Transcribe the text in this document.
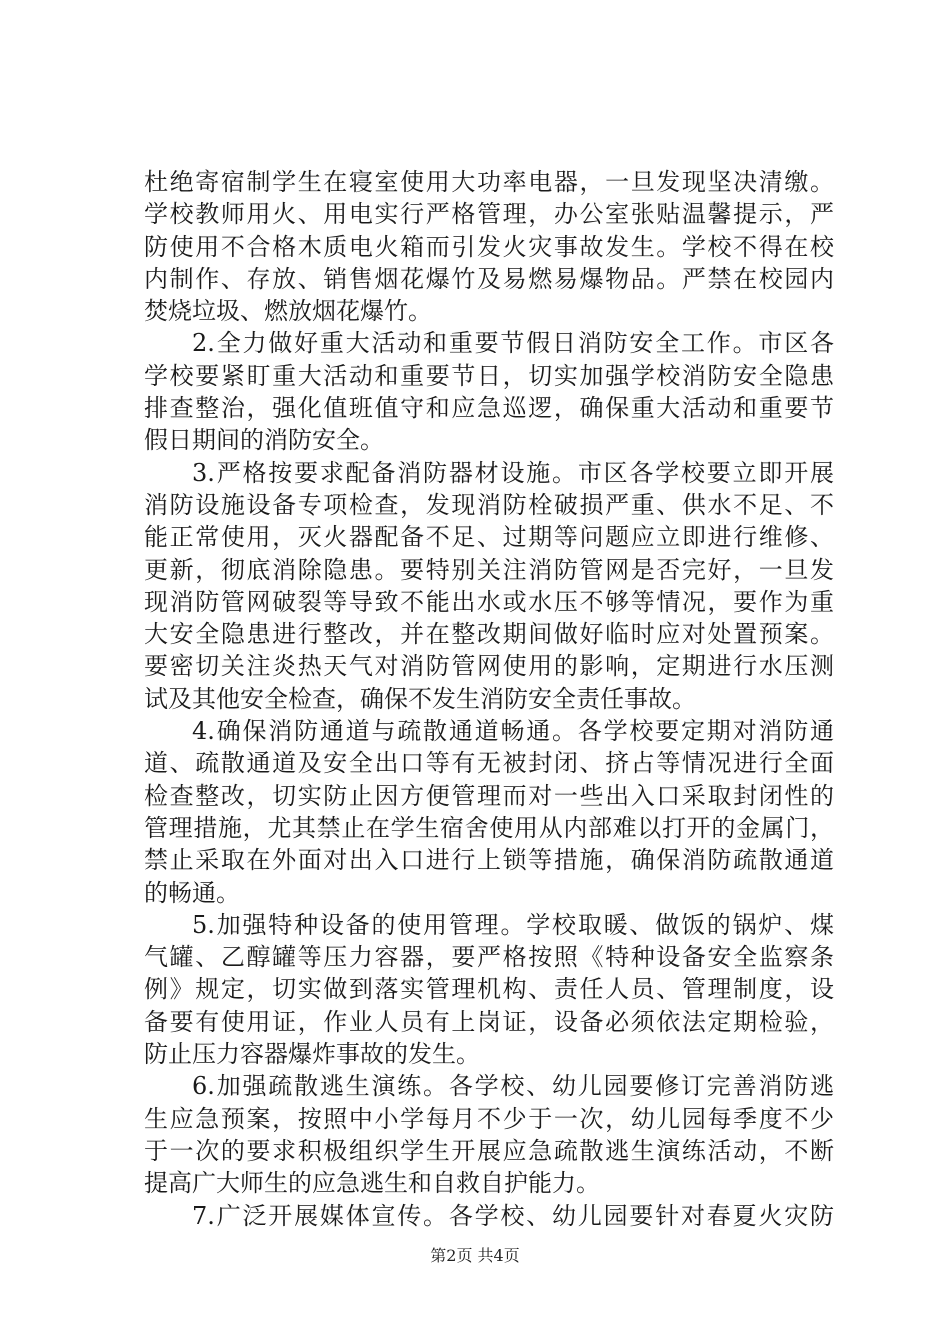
杜绝寄宿制学生在寝室使用大功率电器，一旦发现坚决清缴。
学校教师用火、用电实行严格管理，办公室张贴温馨提示，严
防使用不合格木质电火箱而引发火灾事故发生。学校不得在校
内制作、存放、销售烟花爆竹及易燃易爆物品。严禁在校园内
焚烧垃圾、燃放烟花爆竹。
2.全力做好重大活动和重要节假日消防安全工作。市区各
学校要紧盯重大活动和重要节日，切实加强学校消防安全隐患
排查整治，强化值班值守和应急巡逻，确保重大活动和重要节
假日期间的消防安全。
3.严格按要求配备消防器材设施。市区各学校要立即开展
消防设施设备专项检查，发现消防栓破损严重、供水不足、不
能正常使用，灭火器配备不足、过期等问题应立即进行维修、
更新，彻底消除隐患。要特别关注消防管网是否完好，一旦发
现消防管网破裂等导致不能出水或水压不够等情况，要作为重
大安全隐患进行整改，并在整改期间做好临时应对处置预案。
要密切关注炎热天气对消防管网使用的影响，定期进行水压测
试及其他安全检查，确保不发生消防安全责任事故。
4.确保消防通道与疏散通道畅通。各学校要定期对消防通
道、疏散通道及安全出口等有无被封闭、挤占等情况进行全面
检查整改，切实防止因方便管理而对一些出入口采取封闭性的
管理措施，尤其禁止在学生宿舍使用从内部难以打开的金属门，
禁止采取在外面对出入口进行上锁等措施，确保消防疏散通道
的畅通。
5.加强特种设备的使用管理。学校取暖、做饭的锅炉、煤
气罐、乙醇罐等压力容器，要严格按照《特种设备安全监察条
例》规定，切实做到落实管理机构、责任人员、管理制度，设
备要有使用证，作业人员有上岗证，设备必须依法定期检验，
防止压力容器爆炸事故的发生。
6.加强疏散逃生演练。各学校、幼儿园要修订完善消防逃
生应急预案，按照中小学每月不少于一次，幼儿园每季度不少
于一次的要求积极组织学生开展应急疏散逃生演练活动，不断
提高广大师生的应急逃生和自救自护能力。
7.广泛开展媒体宣传。各学校、幼儿园要针对春夏火灾防
第2页 共4页
